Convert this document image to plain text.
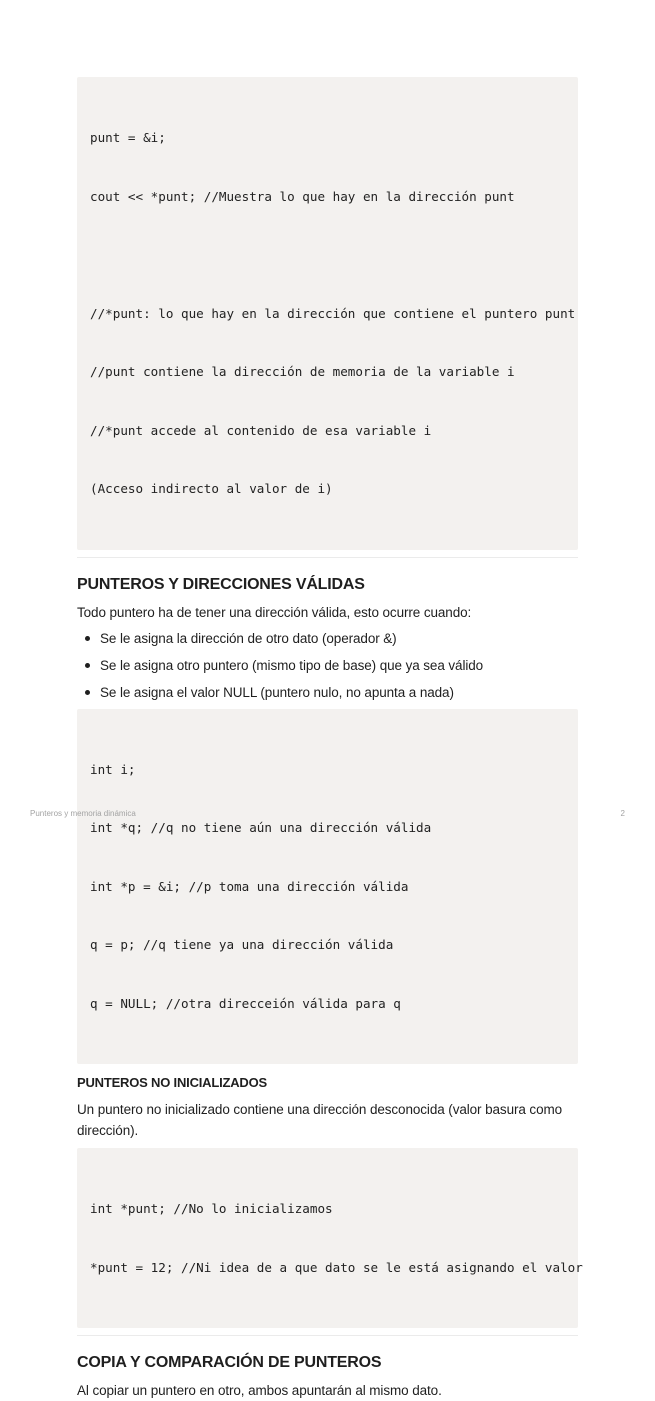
punt = &i;

cout << *punt; //Muestra lo que hay en la dirección punt

//*punt: lo que hay en la dirección que contiene el puntero punt

//punt contiene la dirección de memoria de la variable i

//*punt accede al contenido de esa variable i

(Acceso indirecto al valor de i)

PUNTEROS Y DIRECCIONES VÁLIDAS

Todo puntero ha de tener una dirección válida, esto ocurre cuando:

Se le asigna la dirección de otro dato (operador &)
Se le asigna otro puntero (mismo tipo de base) que ya sea válido
Se le asigna el valor NULL (puntero nulo, no apunta a nada)

int i;

int *q; //q no tiene aún una dirección válida

int *p = &i; //p toma una dirección válida

q = p; //q tiene ya una dirección válida

q = NULL; //otra direcceión válida para q

PUNTEROS NO INICIALIZADOS

Un puntero no inicializado contiene una dirección desconocida (valor basura como dirección).

int *punt; //No lo inicializamos

*punt = 12; //Ni idea de a que dato se le está asignando el valor

COPIA Y COMPARACIÓN DE PUNTEROS

Al copiar un puntero en otro, ambos apuntarán al mismo dato.

Punteros y memoria dinámica	2
